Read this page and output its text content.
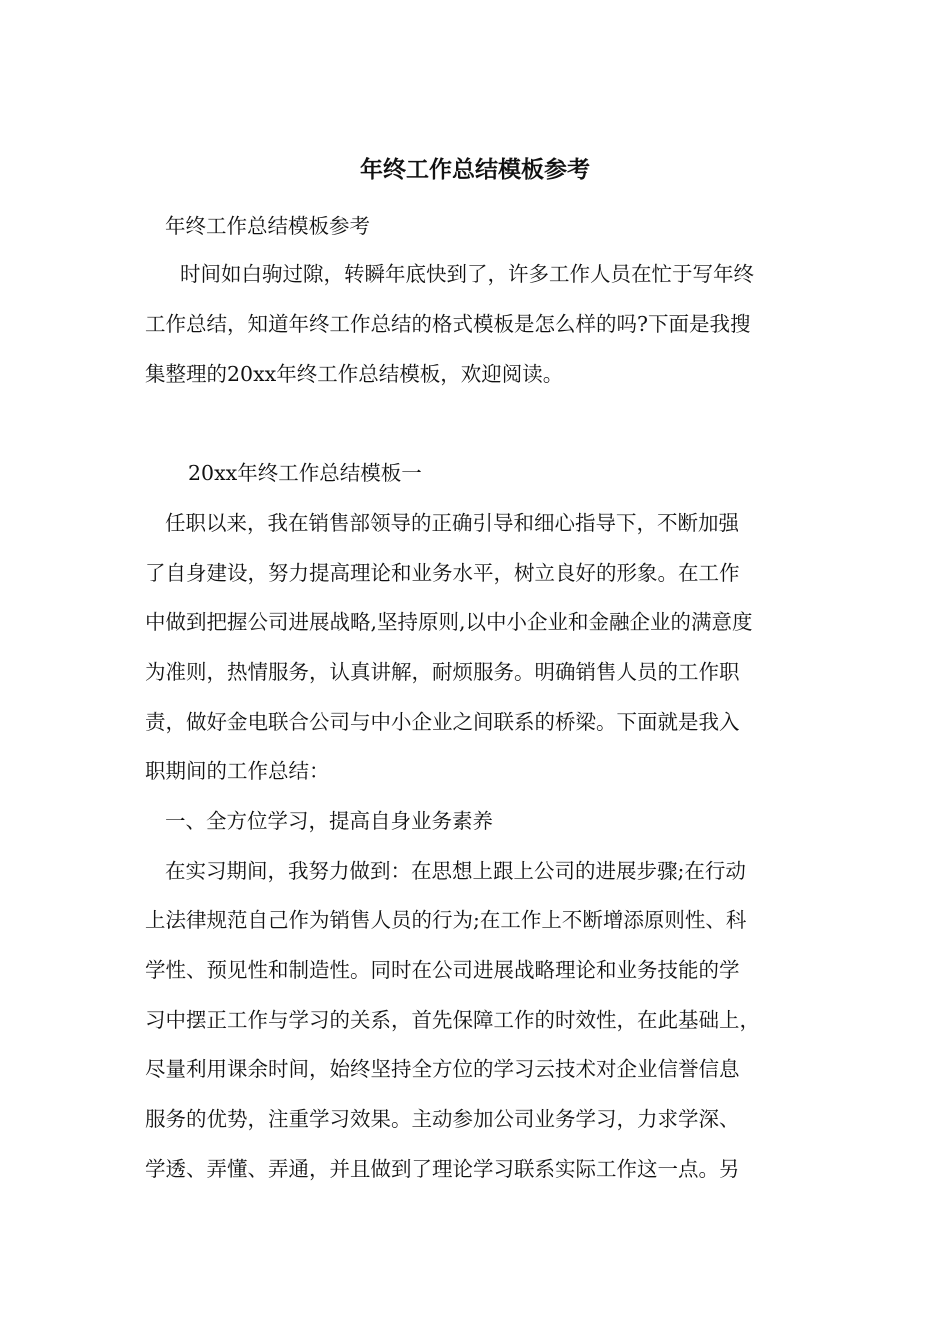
年终工作总结模板参考
年终工作总结模板参考
时间如白驹过隙，转瞬年底快到了，许多工作人员在忙于写年终
工作总结，知道年终工作总结的格式模板是怎么样的吗?下面是我搜
集整理的20xx年终工作总结模板，欢迎阅读。
20xx年终工作总结模板一
任职以来，我在销售部领导的正确引导和细心指导下，不断加强
了自身建设，努力提高理论和业务水平，树立良好的形象。在工作
中做到把握公司进展战略,坚持原则,以中小企业和金融企业的满意度
为准则，热情服务，认真讲解，耐烦服务。明确销售人员的工作职
责，做好金电联合公司与中小企业之间联系的桥梁。下面就是我入
职期间的工作总结：
一、全方位学习，提高自身业务素养
在实习期间，我努力做到：在思想上跟上公司的进展步骤;在行动
上法律规范自己作为销售人员的行为;在工作上不断增添原则性、科
学性、预见性和制造性。同时在公司进展战略理论和业务技能的学
习中摆正工作与学习的关系，首先保障工作的时效性，在此基础上，
尽量利用课余时间，始终坚持全方位的学习云技术对企业信誉信息
服务的优势，注重学习效果。主动参加公司业务学习，力求学深、
学透、弄懂、弄通，并且做到了理论学习联系实际工作这一点。另
